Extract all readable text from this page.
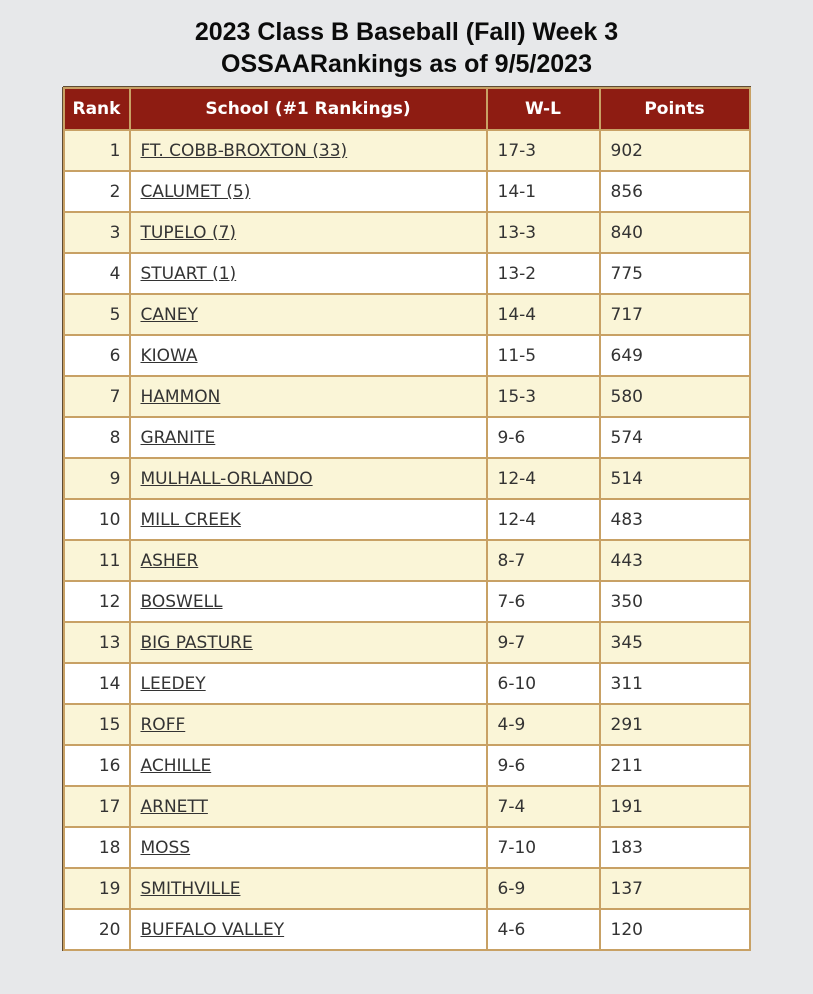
2023 Class B Baseball (Fall) Week 3
OSSAARankings as of 9/5/2023
Rank	School (#1 Rankings)	W-L	Points
1	FT. COBB-BROXTON (33)	17-3	902
2	CALUMET (5)	14-1	856
3	TUPELO (7)	13-3	840
4	STUART (1)	13-2	775
5	CANEY	14-4	717
6	KIOWA	11-5	649
7	HAMMON	15-3	580
8	GRANITE	9-6	574
9	MULHALL-ORLANDO	12-4	514
10	MILL CREEK	12-4	483
11	ASHER	8-7	443
12	BOSWELL	7-6	350
13	BIG PASTURE	9-7	345
14	LEEDEY	6-10	311
15	ROFF	4-9	291
16	ACHILLE	9-6	211
17	ARNETT	7-4	191
18	MOSS	7-10	183
19	SMITHVILLE	6-9	137
20	BUFFALO VALLEY	4-6	120
